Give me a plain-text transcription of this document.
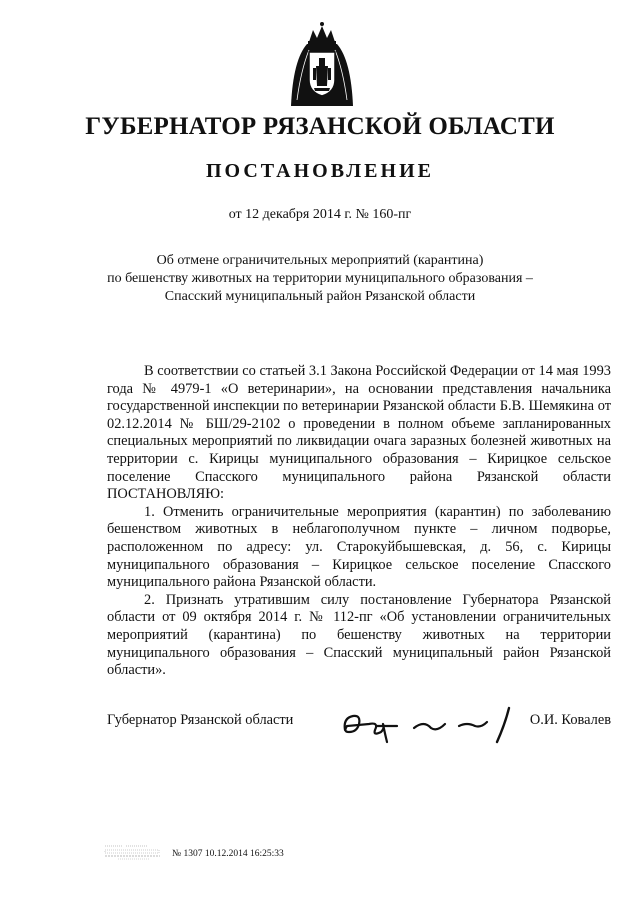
ГУБЕРНАТОР РЯЗАНСКОЙ ОБЛАСТИ
ПОСТАНОВЛЕНИЕ
от 12 декабря 2014 г. № 160-пг
Об отмене ограничительных мероприятий (карантина)
по бешенству животных на территории муниципального образования –
Спасский муниципальный район Рязанской области

В соответствии со статьей 3.1 Закона Российской Федерации от 14 мая 1993 года № 4979-1 «О ветеринарии», на основании представления начальника государственной инспекции по ветеринарии Рязанской области Б.В. Шемякина от 02.12.2014 № БШ/29-2102 о проведении в полном объеме запланированных специальных мероприятий по ликвидации очага заразных болезней животных на территории с. Кирицы муниципального образования – Кирицкое сельское поселение Спасского муниципального района Рязанской области ПОСТАНОВЛЯЮ:

1. Отменить ограничительные мероприятия (карантин) по заболеванию бешенством животных в неблагополучном пункте – личном подворье, расположенном по адресу: ул. Старокуйбышевская, д. 56, с. Кирицы муниципального образования – Кирицкое сельское поселение Спасского муниципального района Рязанской области.

2. Признать утратившим силу постановление Губернатора Рязанской области от 09 октября 2014 г. № 112-пг «Об установлении ограничительных мероприятий (карантина) по бешенству животных на территории муниципального образования – Спасский муниципальный район Рязанской области».

Губернатор Рязанской области	О.И. Ковалев
№ 1307 10.12.2014 16:25:33
